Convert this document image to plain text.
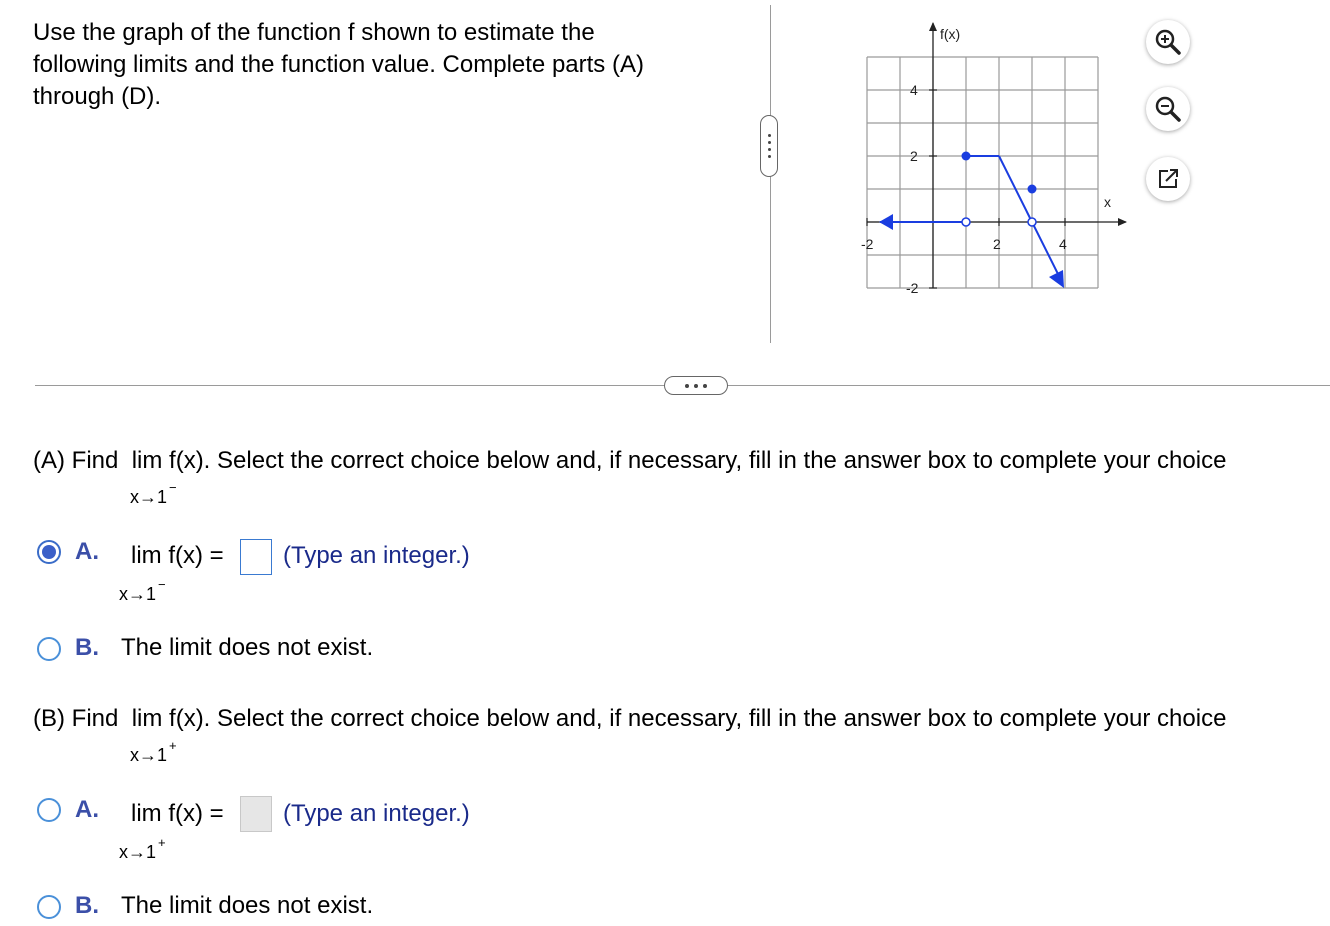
Use the graph of the function f shown to estimate the
following limits and the function value. Complete parts (A)
through (D).
-2	2	4
4
2
-2
f(x)
x
(A) Find lim f(x). Select the correct choice below and, if necessary, fill in the answer box to complete your choice
x→1 −
A. lim f(x) = (Type an integer.)
x→1 −
B. The limit does not exist.
(B) Find lim f(x). Select the correct choice below and, if necessary, fill in the answer box to complete your choice
x→1 +
A. lim f(x) = (Type an integer.)
x→1 +
B. The limit does not exist.
